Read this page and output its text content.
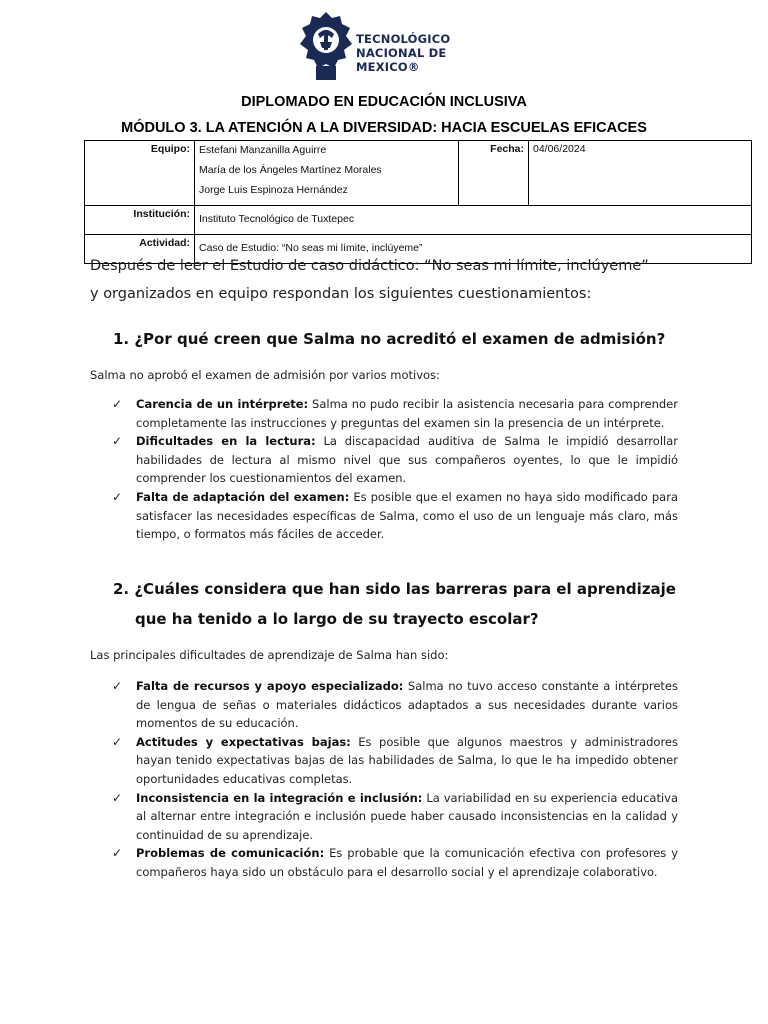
TECNOLÓGICO
NACIONAL DE MEXICO®
DIPLOMADO EN EDUCACIÓN INCLUSIVA
MÓDULO 3. LA ATENCIÓN A LA DIVERSIDAD: HACIA ESCUELAS EFICACES
Equipo:	Estefani Manzanilla Aguirre
María de los Ángeles Martínez Morales
Jorge Luis Espinoza Hernández	Fecha:	04/06/2024
Institución:	Instituto Tecnológico de Tuxtepec		
Actividad:	Caso de Estudio: “No seas mi límite, inclúyeme”		
Después de leer el Estudio de caso didáctico: “No seas mi límite, inclúyeme”
y organizados en equipo respondan los siguientes cuestionamientos:
1. ¿Por qué creen que Salma no acreditó el examen de admisión?
Salma no aprobó el examen de admisión por varios motivos:
✓ Carencia de un intérprete: Salma no pudo recibir la asistencia necesaria para comprender completamente las instrucciones y preguntas del examen sin la presencia de un intérprete.
✓ Dificultades en la lectura: La discapacidad auditiva de Salma le impidió desarrollar habilidades de lectura al mismo nivel que sus compañeros oyentes, lo que le impidió comprender los cuestionamientos del examen.
✓ Falta de adaptación del examen: Es posible que el examen no haya sido modificado para satisfacer las necesidades específicas de Salma, como el uso de un lenguaje más claro, más tiempo, o formatos más fáciles de acceder.
2. ¿Cuáles considera que han sido las barreras para el aprendizaje
que ha tenido a lo largo de su trayecto escolar?
Las principales dificultades de aprendizaje de Salma han sido:
✓ Falta de recursos y apoyo especializado: Salma no tuvo acceso constante a intérpretes de lengua de señas o materiales didácticos adaptados a sus necesidades durante varios momentos de su educación.
✓ Actitudes y expectativas bajas: Es posible que algunos maestros y administradores hayan tenido expectativas bajas de las habilidades de Salma, lo que le ha impedido obtener oportunidades educativas completas.
✓ Inconsistencia en la integración e inclusión: La variabilidad en su experiencia educativa al alternar entre integración e inclusión puede haber causado inconsistencias en la calidad y continuidad de su aprendizaje.
✓ Problemas de comunicación: Es probable que la comunicación efectiva con profesores y compañeros haya sido un obstáculo para el desarrollo social y el aprendizaje colaborativo.
